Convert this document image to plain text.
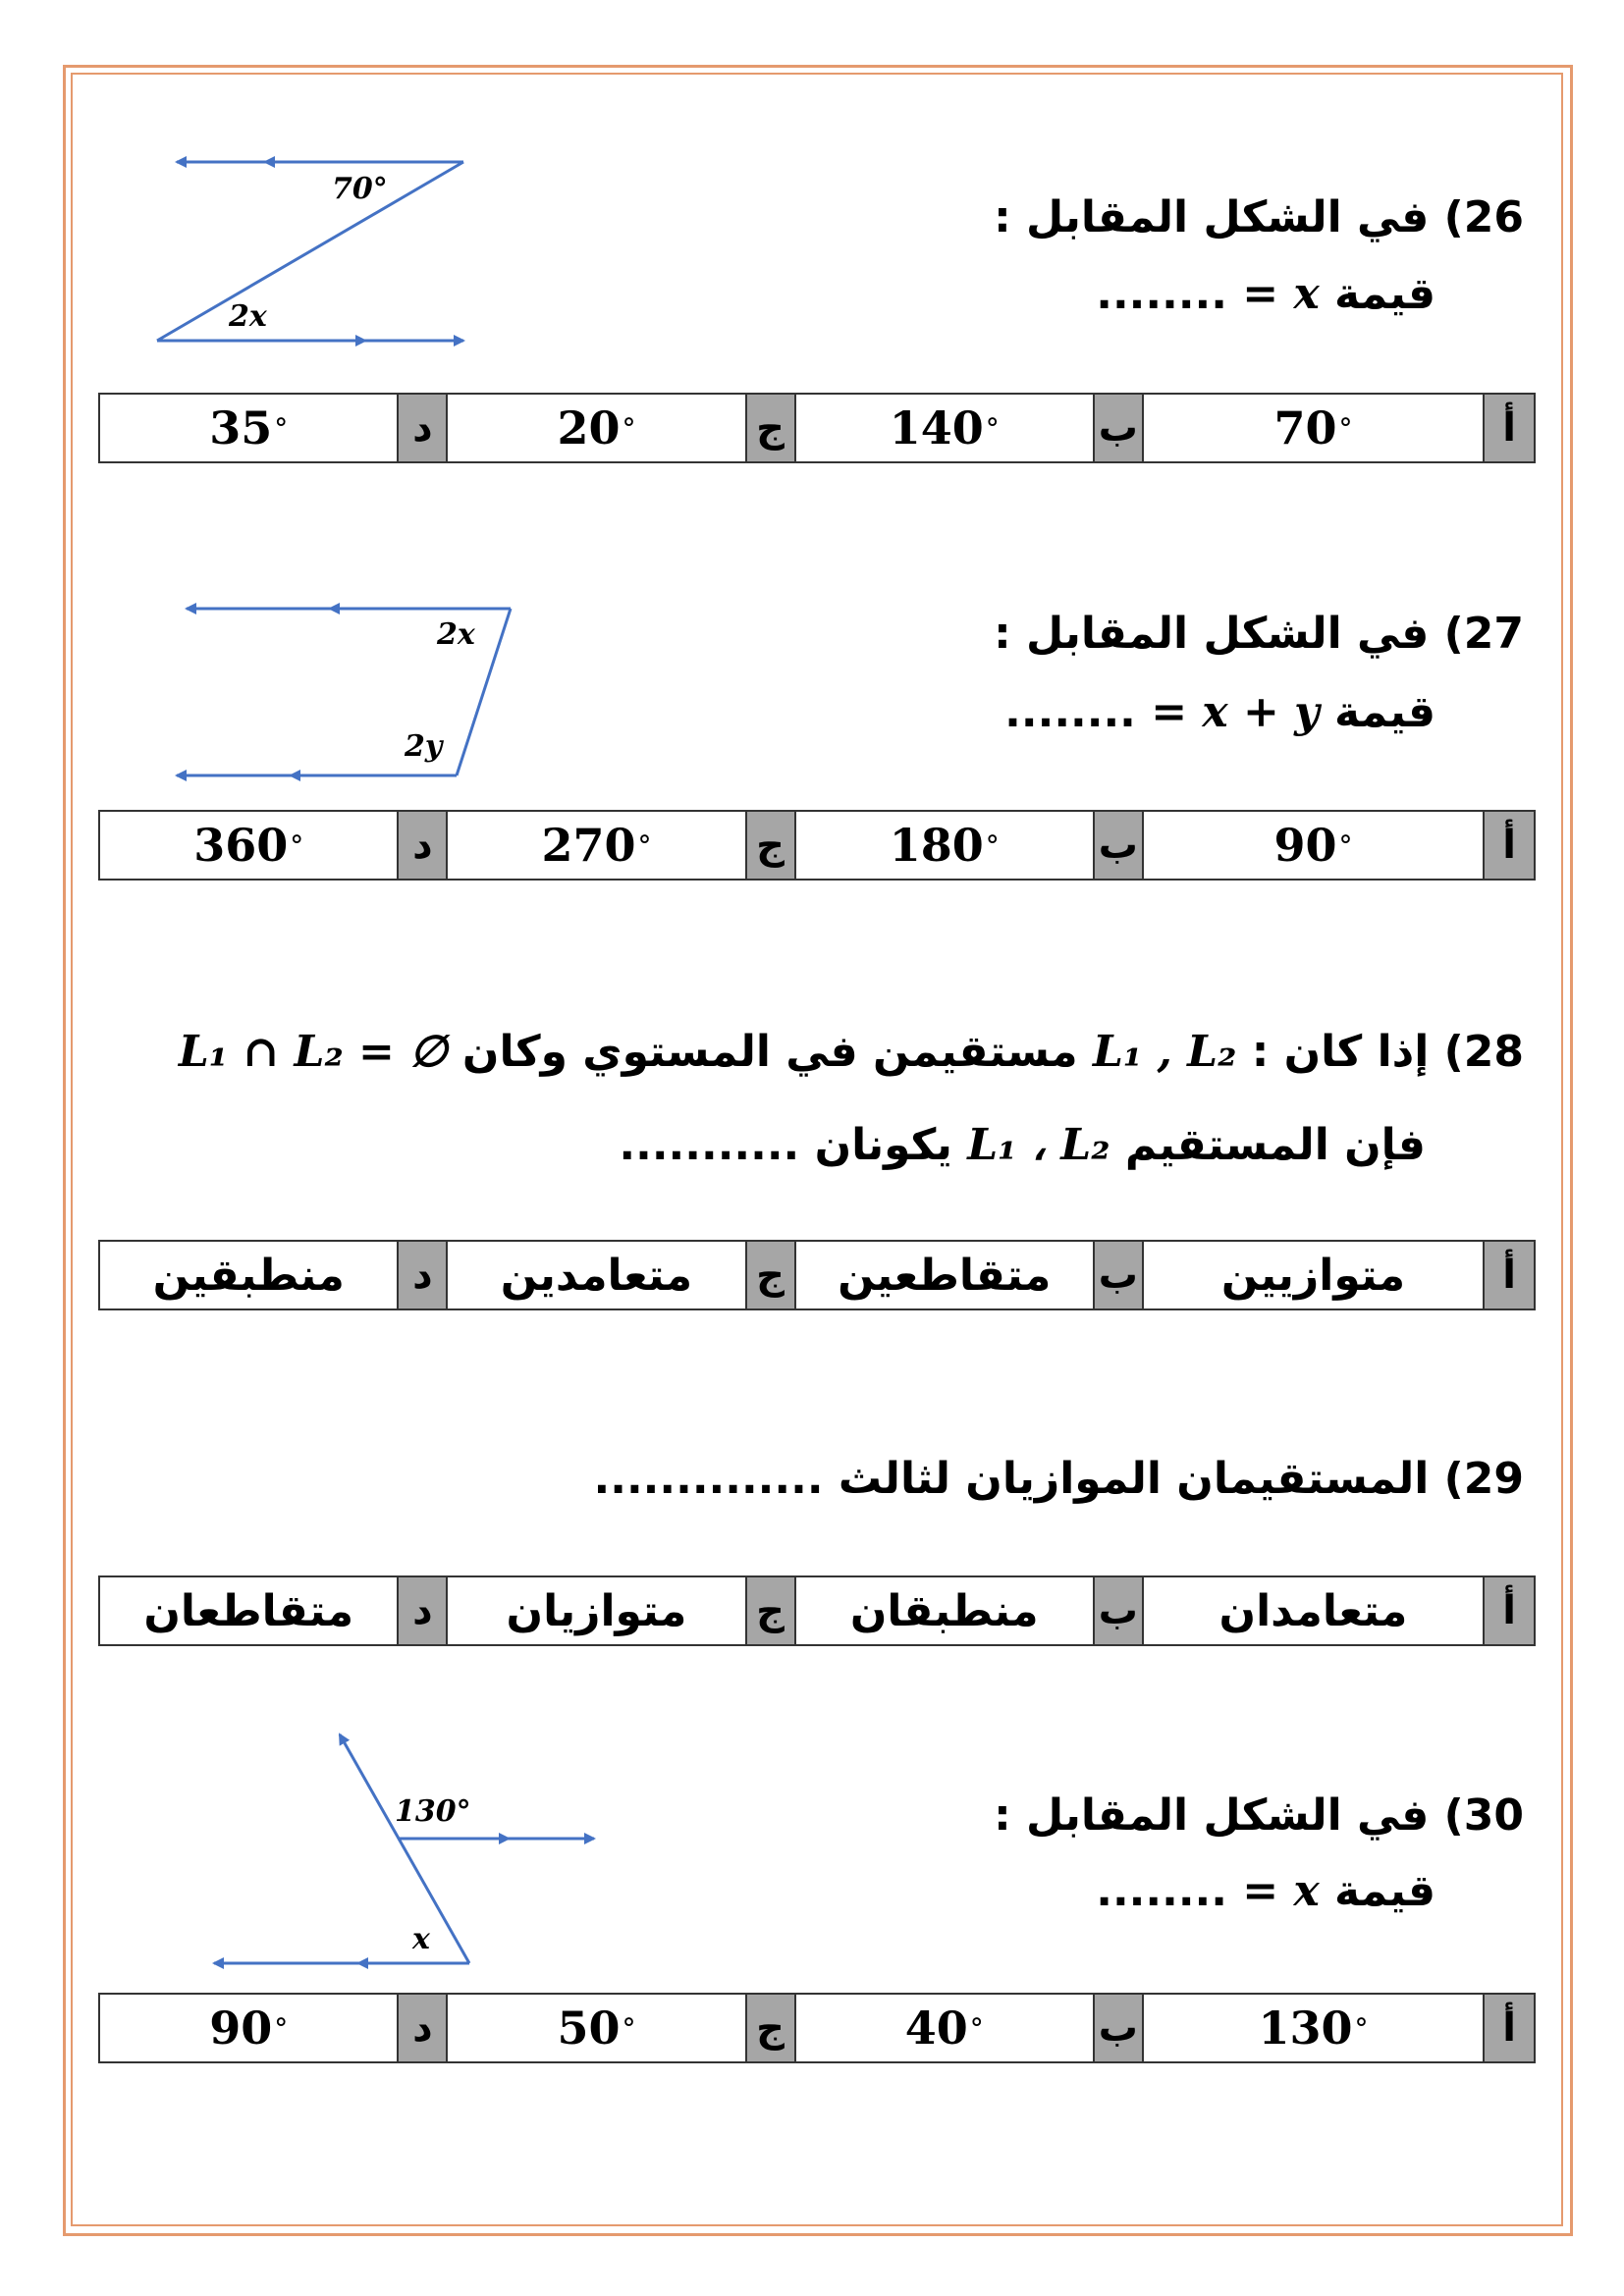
70°
2x
26) في الشكل المقابل :
قيمة x = ........
35 °	د	20 °	ج 140 °	ب	70 °	أ
2x
2y
27) في الشكل المقابل :
قيمة x + y = ........
360 °	د	270 °	ج 180 °	ب	90 °	أ
28) إذا كان : L₁ , L₂ مستقيمن في المستوي وكان L₁ ∩ L₂ = ∅
فإن المستقيم L₁ ، L₂ يكونان ...........
منطبقين	د	متعامدين	ج	متقاطعين	ب	متوازيين	أ
29) المستقيمان الموازيان لثالث ..............
متقاطعان	د	متوازيان	ج	منطبقان	ب	متعامدان	أ
130°
x
30) في الشكل المقابل :
قيمة x = ........
90 °	د	50 °	ج	40 °	ب	130 °	أ
